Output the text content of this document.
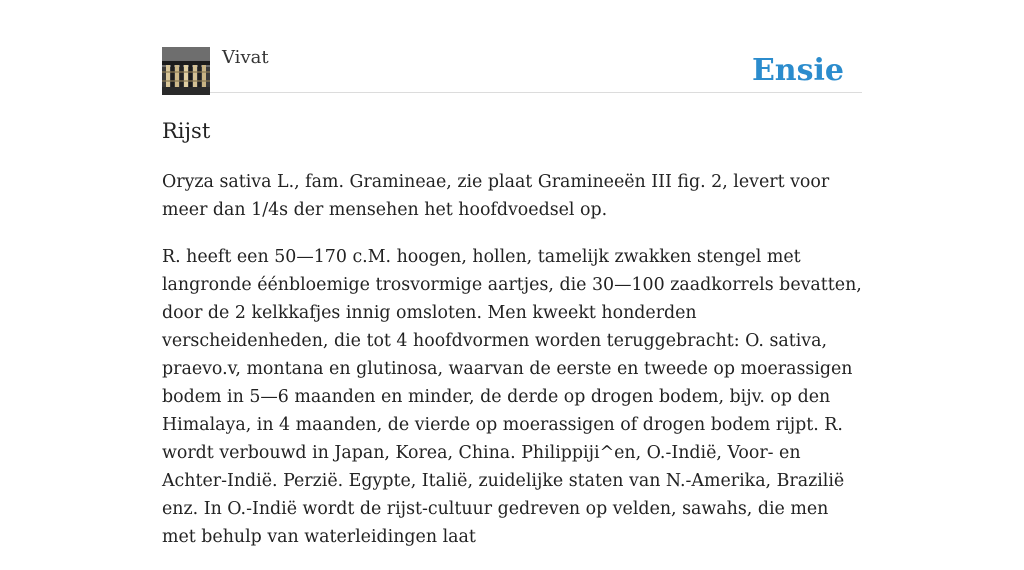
Vivat	Ensie
Rijst

Oryza sativa L., fam. Gramineae, zie plaat Gramineeën III fig. 2, levert voor meer dan 1/4s der mensehen het hoofdvoedsel op.

R. heeft een 50—170 c.M. hoogen, hollen, tamelijk zwakken stengel met langronde éénbloemige trosvormige aartjes, die 30—100 zaadkorrels bevatten, door de 2 kelkkafjes innig omsloten. Men kweekt honderden verscheidenheden, die tot 4 hoofdvormen worden teruggebracht: O. sativa, praevo.v, montana en glutinosa, waarvan de eerste en tweede op moerassigen bodem in 5—6 maanden en minder, de derde op drogen bodem, bijv. op den Himalaya, in 4 maanden, de vierde op moerassigen of drogen bodem rijpt. R. wordt verbouwd in Japan, Korea, China. Philippiji^en, O.-Indië, Voor- en Achter-Indië. Perzië. Egypte, Italië, zuidelijke staten van N.-Amerika, Brazilië enz. In O.-Indië wordt de rijst-cultuur gedreven op velden, sawahs, die men met behulp van waterleidingen laat
